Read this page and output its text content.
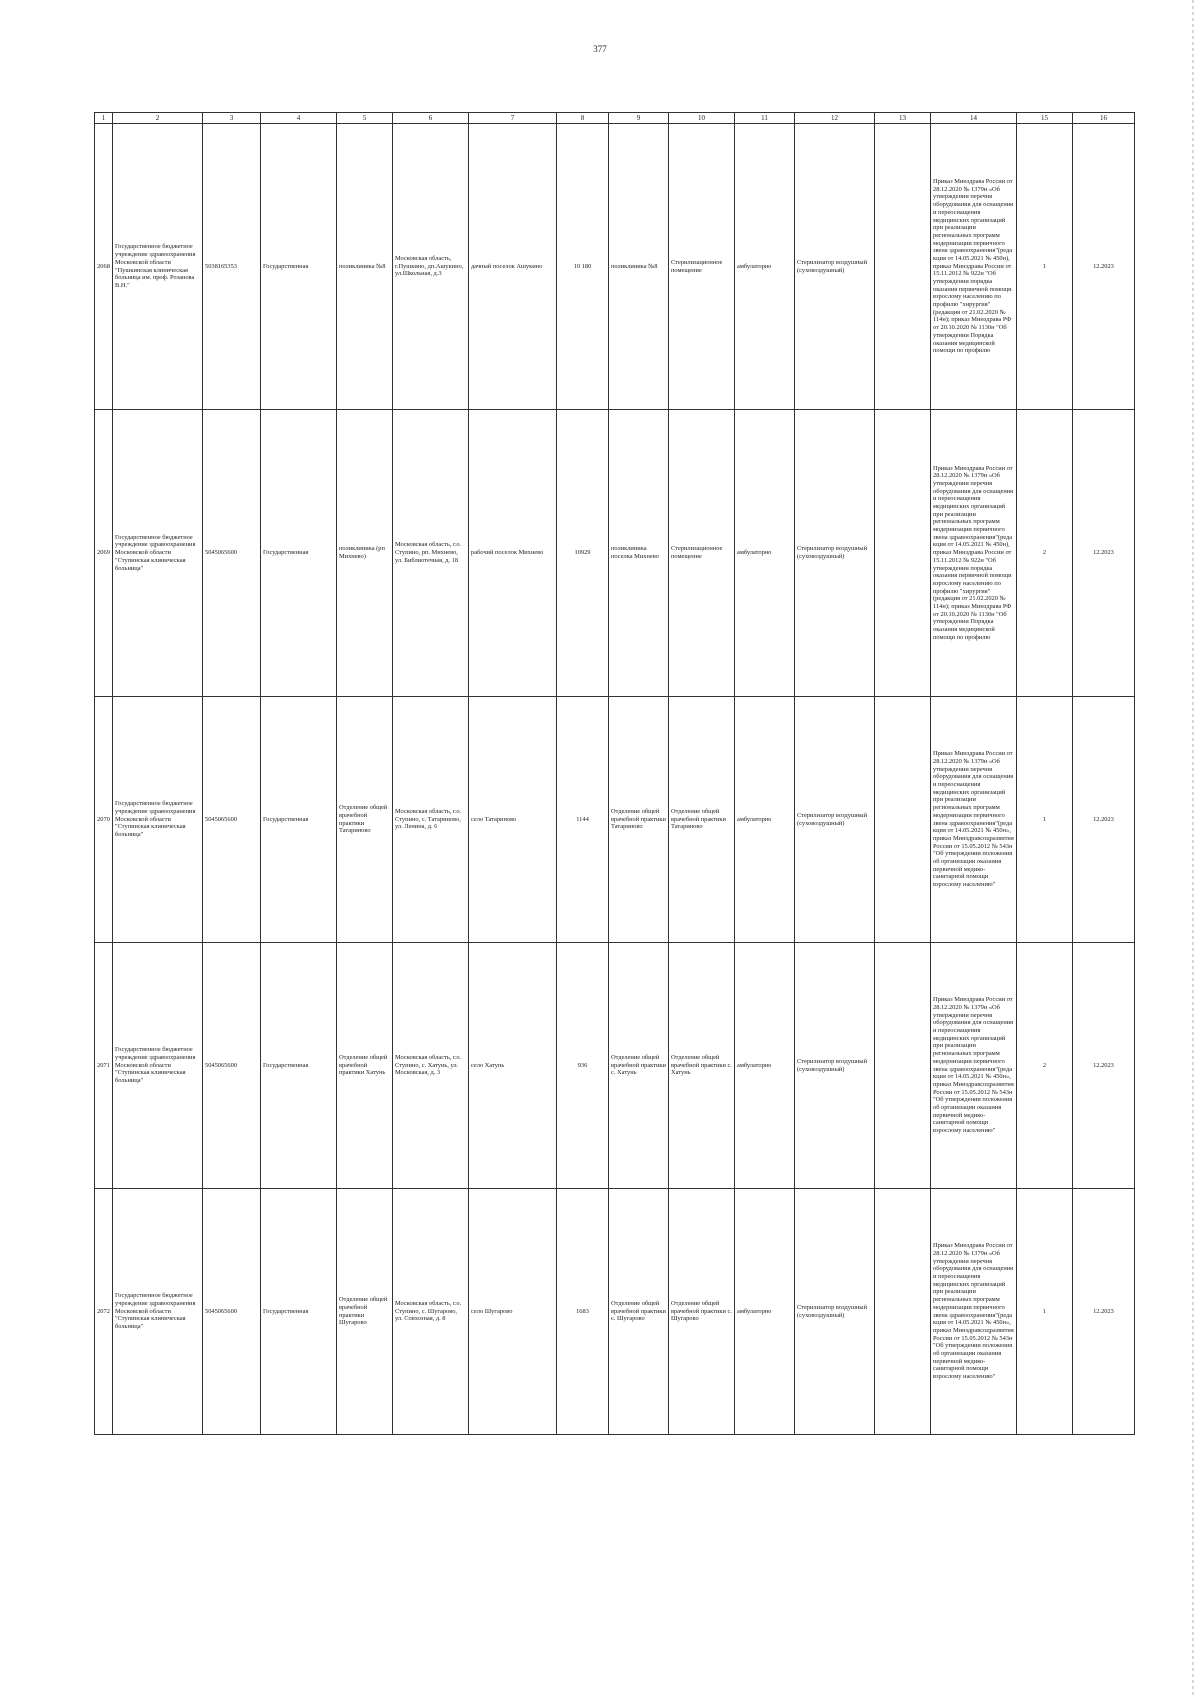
377
1	2	3	4	5	6	7	8	9	10	11	12	13	14	15	16
2068	Государственное бюджетное учреждение здравоохранения Московской области "Пушкинская клиническая больница им. проф. Розанова В.Н."	5038165353	Государственная	поликлиника №8	Московская область, г.Пушкино, дп.Ашукино, ул.Школьная, д.3	дачный поселок Ашукино	10 180	поликлиника №8	Стерилизационное помещение	амбулаторно	Стерилизатор воздушный (суховоздушный)		Приказ Минздрава России от 28.12.2020 № 1379н «Об утверждении перечня оборудования для оснащения и переоснащения медицинских организаций при реализации региональных программ модернизации первичного звена здравоохранения"(реда кция от 14.05.2021 № 450н), приказ Минздрава России от 15.11.2012 № 922н "Об утверждении порядка оказания первичной помощи взрослому населению по профилю "хирургия" (редакция от 21.02.2020 № 114н); приказ Минздрава РФ от 20.10.2020 № 1130н "Об утверждении Порядка оказания медицинской помощи по профилю	1	12.2023
2069	Государственное бюджетное учреждение здравоохранения Московской области "Ступинская клиническая больница"	5045065600	Государственная	поликлиника (рп Михнево)	Московская область, г.о. Ступино, рп. Михнево, ул. Библиотечная, д. 18	рабочий поселок Михнево	10929	поликлиника поселка Михнево	Стерилизационное помещение	амбулаторно	Стерилизатор воздушный (суховоздушный)		Приказ Минздрава России от 28.12.2020 № 1379н «Об утверждении перечня оборудования для оснащения и переоснащения медицинских организаций при реализации региональных программ модернизации первичного звена здравоохранения"(реда кция от 14.05.2021 № 450н), приказ Минздрава России от 15.11.2012 № 922н "Об утверждении порядка оказания первичной помощи взрослому населению по профилю "хирургия" (редакция от 21.02.2020 № 114н); приказ Минздрава РФ от 20.10.2020 № 1130н "Об утверждении Порядка оказания медицинской помощи по профилю	2	12.2023
2070	Государственное бюджетное учреждение здравоохранения Московской области "Ступинская клиническая больница"	5045065600	Государственная	Отделение общей врачебной практики Татариново	Московская область, г.о. Ступино, с. Татариново, ул. Ленина, д. 6	село Татариново	1144	Отделение общей врачебной практики Татариново	Отделение общей врачебной практики Татариново	амбулаторно	Стерилизатор воздушный (суховоздушный)		Приказ Минздрава России от 28.12.2020 № 1379н «Об утверждении перечня оборудования для оснащения и переоснащения медицинских организаций при реализации региональных программ модернизации первичного звена здравоохранения"(реда кция от 14.05.2021 № 450н», приказ Минздравсоцразвития России от 15.05.2012 № 543н "Об утверждении положения об организации оказания первичной медико-санитарной помощи взрослому населению"	1	12.2023
2071	Государственное бюджетное учреждение здравоохранения Московской области "Ступинская клиническая больница"	5045065600	Государственная	Отделение общей врачебной практики Хатунь	Московская область, г.о. Ступино, с. Хатунь, ул. Московская, д. 3	село Хатунь	936	Отделение общей врачебной практики с. Хатунь	Отделение общей врачебной практики с. Хатунь	амбулаторно	Стерилизатор воздушный (суховоздушный)		Приказ Минздрава России от 28.12.2020 № 1379н «Об утверждении перечня оборудования для оснащения и переоснащения медицинских организаций при реализации региональных программ модернизации первичного звена здравоохранения"(реда кция от 14.05.2021 № 450н», приказ Минздравсоцразвития России от 15.05.2012 № 543н "Об утверждении положения об организации оказания первичной медико-санитарной помощи взрослому населению"	2	12.2023
2072	Государственное бюджетное учреждение здравоохранения Московской области "Ступинская клиническая больница"	5045065600	Государственная	Отделение общей врачебной практики Шугарово	Московская область, г.о. Ступино, с. Шугарово, ул. Совхозная, д. 8	село Шугарово	1683	Отделение общей врачебной практики с. Шугарово	Отделение общей врачебной практики с. Шугарово	амбулаторно	Стерилизатор воздушный (суховоздушный)		Приказ Минздрава России от 28.12.2020 № 1379н «Об утверждении перечня оборудования для оснащения и переоснащения медицинских организаций при реализации региональных программ модернизации первичного звена здравоохранения"(реда кция от 14.05.2021 № 450н», приказ Минздравсоцразвития России от 15.05.2012 № 543н "Об утверждении положения об организации оказания первичной медико-санитарной помощи взрослому населению"	1	12.2023
